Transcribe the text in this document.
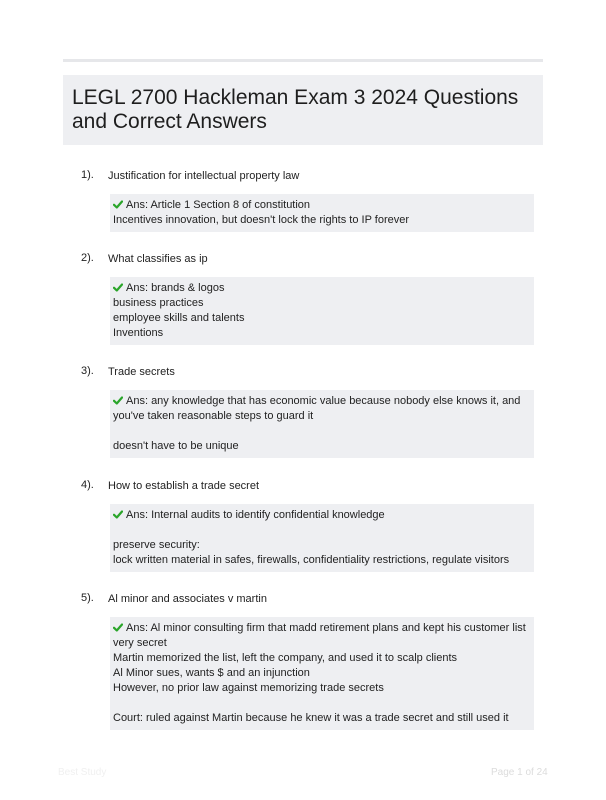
LEGL 2700 Hackleman Exam 3 2024 Questions and Correct Answers
1). Justification for intellectual property law
Ans: Article 1 Section 8 of constitution
Incentives innovation, but doesn't lock the rights to IP forever
2). What classifies as ip
Ans: brands & logos
business practices
employee skills and talents
Inventions
3). Trade secrets
Ans: any knowledge that has economic value because nobody else knows it, and you've taken reasonable steps to guard it
doesn't have to be unique
4). How to establish a trade secret
Ans: Internal audits to identify confidential knowledge
preserve security:
lock written material in safes, firewalls, confidentiality restrictions, regulate visitors
5). Al minor and associates v martin
Ans: Al minor consulting firm that madd retirement plans and kept his customer list very secret
Martin memorized the list, left the company, and used it to scalp clients
Al Minor sues, wants $ and an injunction
However, no prior law against memorizing trade secrets
Court: ruled against Martin because he knew it was a trade secret and still used it
Best Study	Page 1 of 24
